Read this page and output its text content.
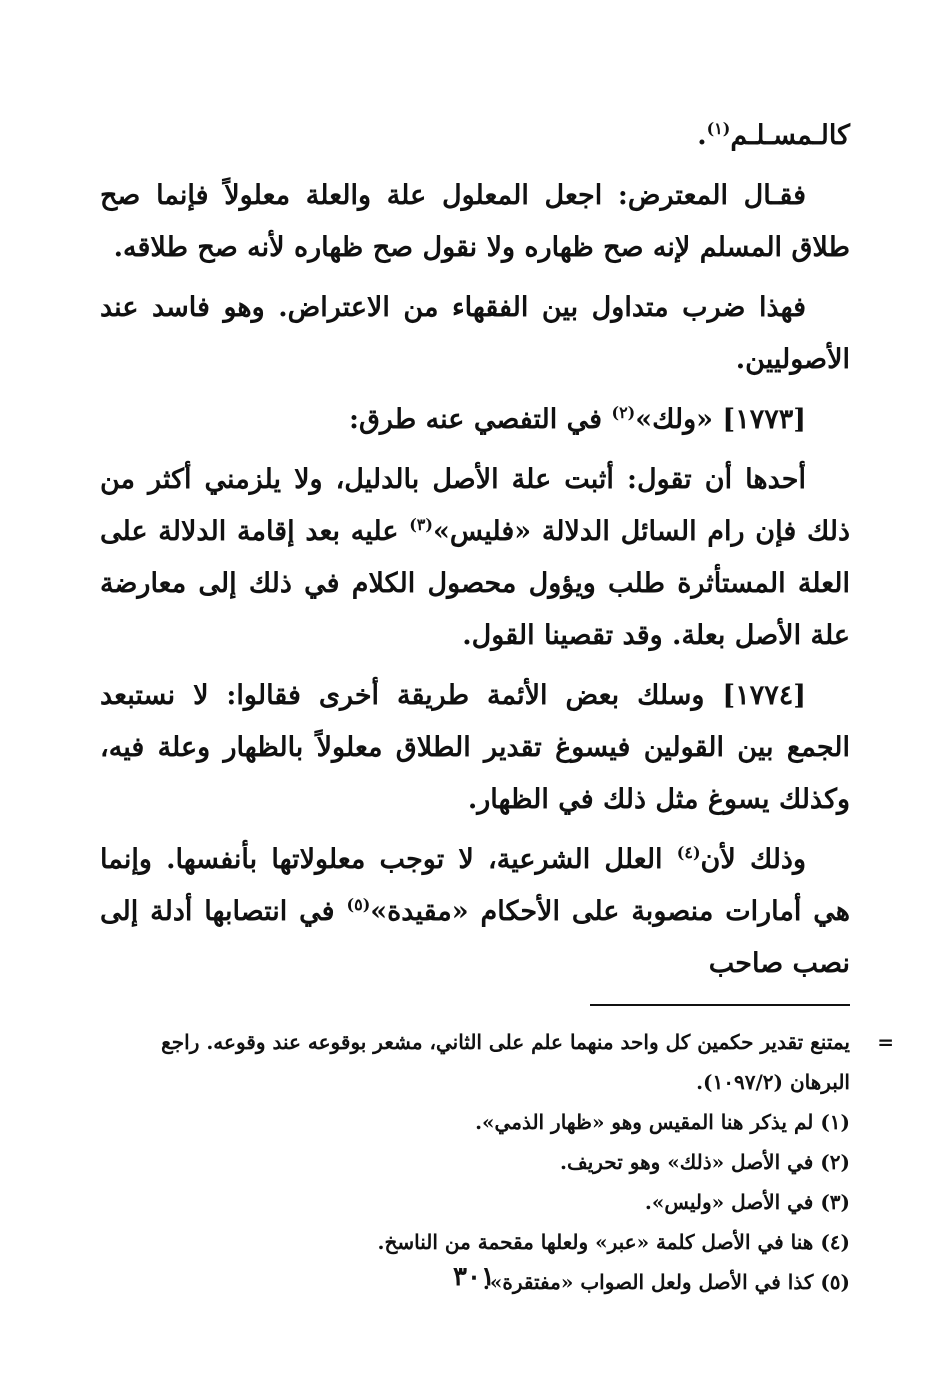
كالـمسـلـم$^{(١)}$.

فقـال المعترض: اجعل المعلول علة والعلة معلولاً فإنما صح طلاق المسلم لإنه صح ظهاره ولا نقول صح ظهاره لأنه صح طلاقه.

فهذا ضرب متداول بين الفقهاء من الاعتراض. وهو فاسد عند الأصوليين.

[١٧٧٣] «ولك»$^{(٢)}$ في التفصي عنه طرق:

أحدها أن تقول: أثبت علة الأصل بالدليل، ولا يلزمني أكثر من ذلك فإن رام السائل الدلالة «فليس»$^{(٣)}$ عليه بعد إقامة الدلالة على العلة المستأثرة طلب ويؤول محصول الكلام في ذلك إلى معارضة علة الأصل بعلة. وقد تقصينا القول.

[١٧٧٤] وسلك بعض الأئمة طريقة أخرى فقالوا: لا نستبعد الجمع بين القولين فيسوغ تقدير الطلاق معلولاً بالظهار وعلة فيه، وكذلك يسوغ مثل ذلك في الظهار.

وذلك لأن$^{(٤)}$ العلل الشرعية، لا توجب معلولاتها بأنفسها. وإنما هي أمارات منصوبة على الأحكام «مقيدة»$^{(٥)}$ في انتصابها أدلة إلى نصب صاحب

=
يمتنع تقدير حكمين كل واحد منهما علم على الثاني، مشعر بوقوعه عند وقوعه. راجع البرهان (١٠٩٧/٢).

(١) لم يذكر هنا المقيس وهو «ظهار الذمي».

(٢) في الأصل «ذلك» وهو تحريف.

(٣) في الأصل «وليس».

(٤) هنا في الأصل كلمة «عبر» ولعلها مقحمة من الناسخ.

(٥) كذا في الأصل ولعل الصواب «مفتقرة».

٣٠١
